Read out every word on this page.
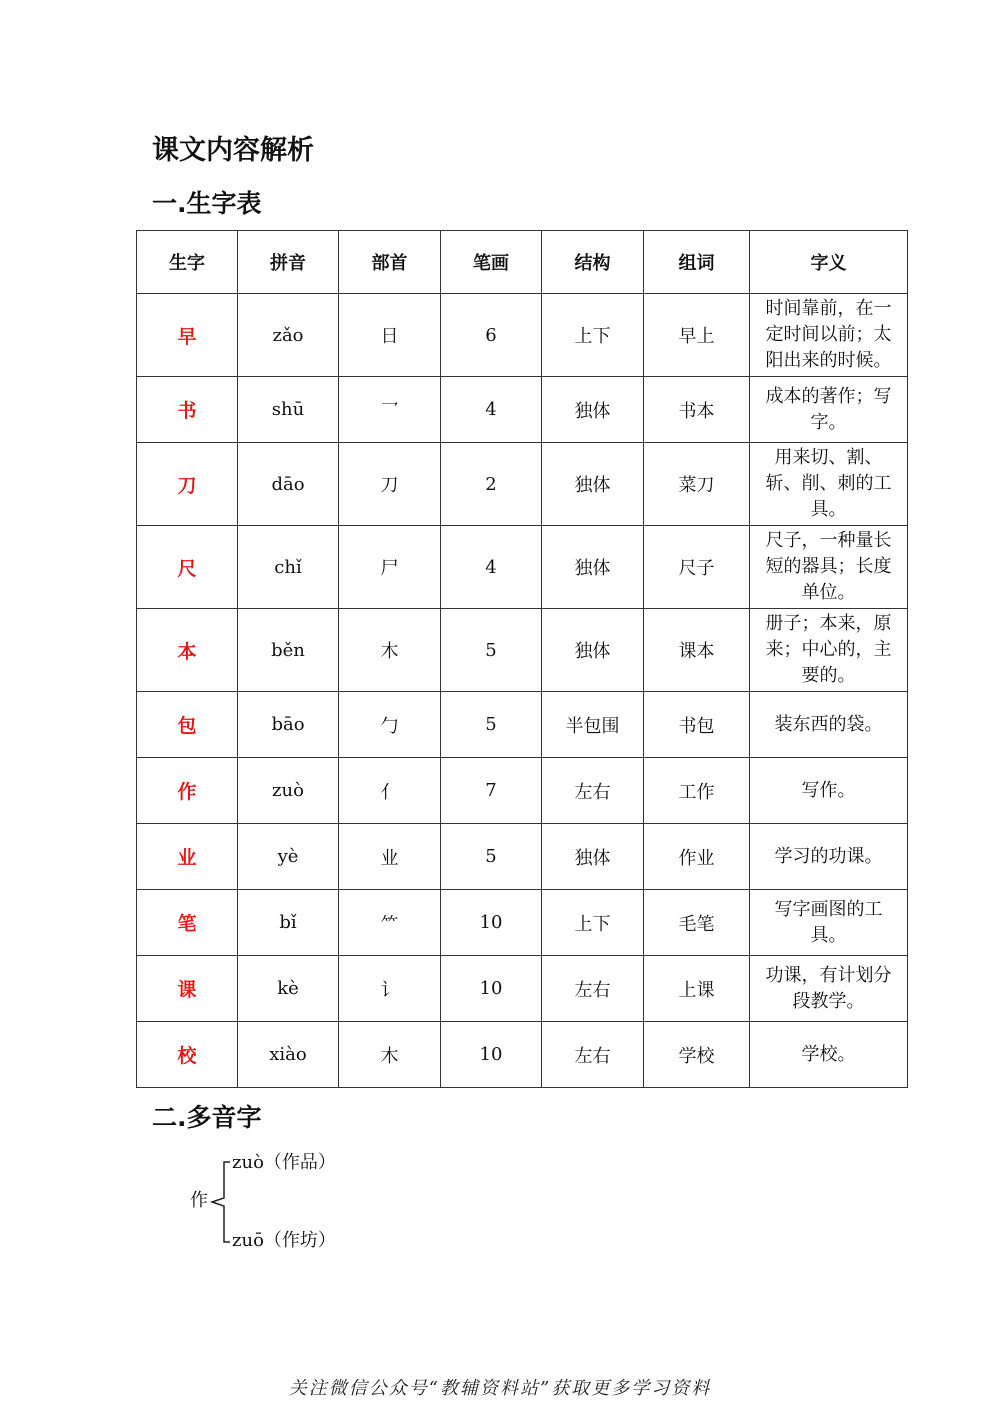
课文内容解析
一.生字表
生字	拼音	部首	笔画	结构	组词	字义
早	zǎo	日	6	上下	早上	时间靠前，在一定时间以前；太阳出来的时候。
书	shū	乛	4	独体	书本	成本的著作；写字。
刀	dāo	刀	2	独体	菜刀	用来切、割、斩、削、刺的工具。
尺	chǐ	尸	4	独体	尺子	尺子，一种量长短的器具；长度单位。
本	běn	木	5	独体	课本	册子；本来，原来；中心的，主要的。
包	bāo	勹	5	半包围	书包	装东西的袋。
作	zuò	亻	7	左右	工作	写作。
业	yè	业	5	独体	作业	学习的功课。
笔	bǐ	⺮	10	上下	毛笔	写字画图的工具。
课	kè	讠	10	左右	上课	功课，有计划分段教学。
校	xiào	木	10	左右	学校	学校。
二.多音字
作
zuò（作品）
zuō（作坊）
关注微信公众号“教辅资料站”获取更多学习资料
